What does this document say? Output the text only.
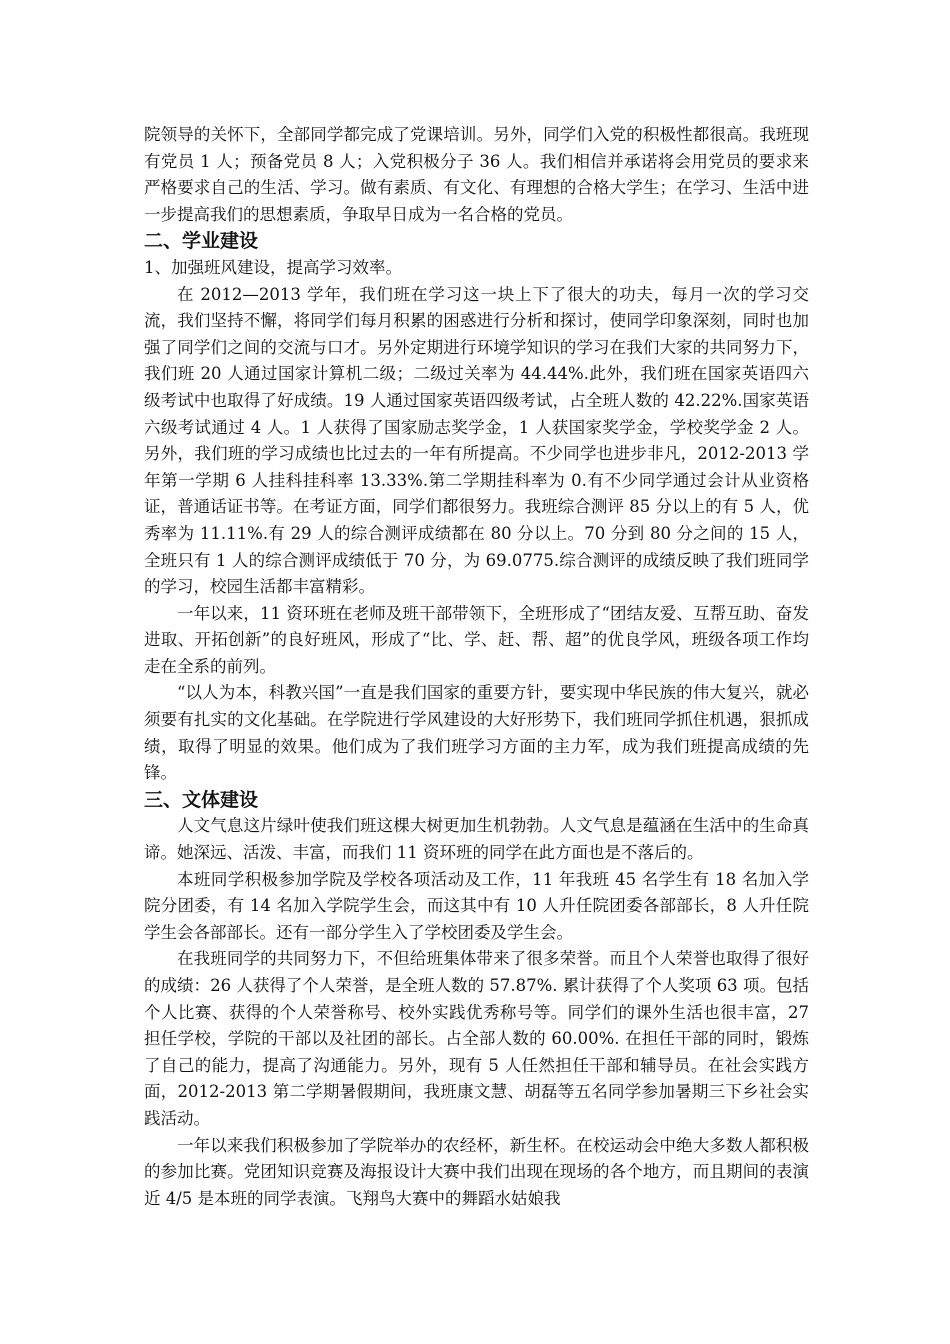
院领导的关怀下，全部同学都完成了党课培训。另外，同学们入党的积极性都很高。我班现有党员 1 人；预备党员 8 人；入党积极分子 36 人。我们相信并承诺将会用党员的要求来严格要求自己的生活、学习。做有素质、有文化、有理想的合格大学生；在学习、生活中进一步提高我们的思想素质，争取早日成为一名合格的党员。

二、学业建设

1、加强班风建设，提高学习效率。

在 2012—2013 学年，我们班在学习这一块上下了很大的功夫，每月一次的学习交流，我们坚持不懈，将同学们每月积累的困惑进行分析和探讨，使同学印象深刻，同时也加强了同学们之间的交流与口才。另外定期进行环境学知识的学习在我们大家的共同努力下，我们班 20 人通过国家计算机二级；二级过关率为 44.44%.此外，我们班在国家英语四六级考试中也取得了好成绩。19 人通过国家英语四级考试，占全班人数的 42.22%.国家英语六级考试通过 4 人。1 人获得了国家励志奖学金，1 人获国家奖学金，学校奖学金 2 人。另外，我们班的学习成绩也比过去的一年有所提高。不少同学也进步非凡，2012-2013 学年第一学期 6 人挂科挂科率 13.33%.第二学期挂科率为 0.有不少同学通过会计从业资格证，普通话证书等。在考证方面，同学们都很努力。我班综合测评 85 分以上的有 5 人，优秀率为 11.11%.有 29 人的综合测评成绩都在 80 分以上。70 分到 80 分之间的 15 人，全班只有 1 人的综合测评成绩低于 70 分，为 69.0775.综合测评的成绩反映了我们班同学的学习，校园生活都丰富精彩。

一年以来，11 资环班在老师及班干部带领下，全班形成了“团结友爱、互帮互助、奋发进取、开拓创新”的良好班风，形成了“比、学、赶、帮、超”的优良学风，班级各项工作均走在全系的前列。

“以人为本，科教兴国”一直是我们国家的重要方针，要实现中华民族的伟大复兴，就必须要有扎实的文化基础。在学院进行学风建设的大好形势下，我们班同学抓住机遇，狠抓成绩，取得了明显的效果。他们成为了我们班学习方面的主力军，成为我们班提高成绩的先锋。

三、文体建设

人文气息这片绿叶使我们班这棵大树更加生机勃勃。人文气息是蕴涵在生活中的生命真谛。她深远、活泼、丰富，而我们 11 资环班的同学在此方面也是不落后的。

本班同学积极参加学院及学校各项活动及工作，11 年我班 45 名学生有 18 名加入学院分团委，有 14 名加入学院学生会，而这其中有 10 人升任院团委各部部长，8 人升任院学生会各部部长。还有一部分学生入了学校团委及学生会。

在我班同学的共同努力下，不但给班集体带来了很多荣誉。而且个人荣誉也取得了很好的成绩：26 人获得了个人荣誉，是全班人数的 57.87%. 累计获得了个人奖项 63 项。包括个人比赛、获得的个人荣誉称号、校外实践优秀称号等。同学们的课外生活也很丰富，27 担任学校，学院的干部以及社团的部长。占全部人数的 60.00%. 在担任干部的同时，锻炼了自己的能力，提高了沟通能力。另外，现有 5 人任然担任干部和辅导员。在社会实践方面，2012-2013 第二学期暑假期间，我班康文慧、胡磊等五名同学参加暑期三下乡社会实践活动。

一年以来我们积极参加了学院举办的农经杯，新生杯。在校运动会中绝大多数人都积极的参加比赛。党团知识竞赛及海报设计大赛中我们出现在现场的各个地方，而且期间的表演近 4/5 是本班的同学表演。飞翔鸟大赛中的舞蹈水姑娘我
